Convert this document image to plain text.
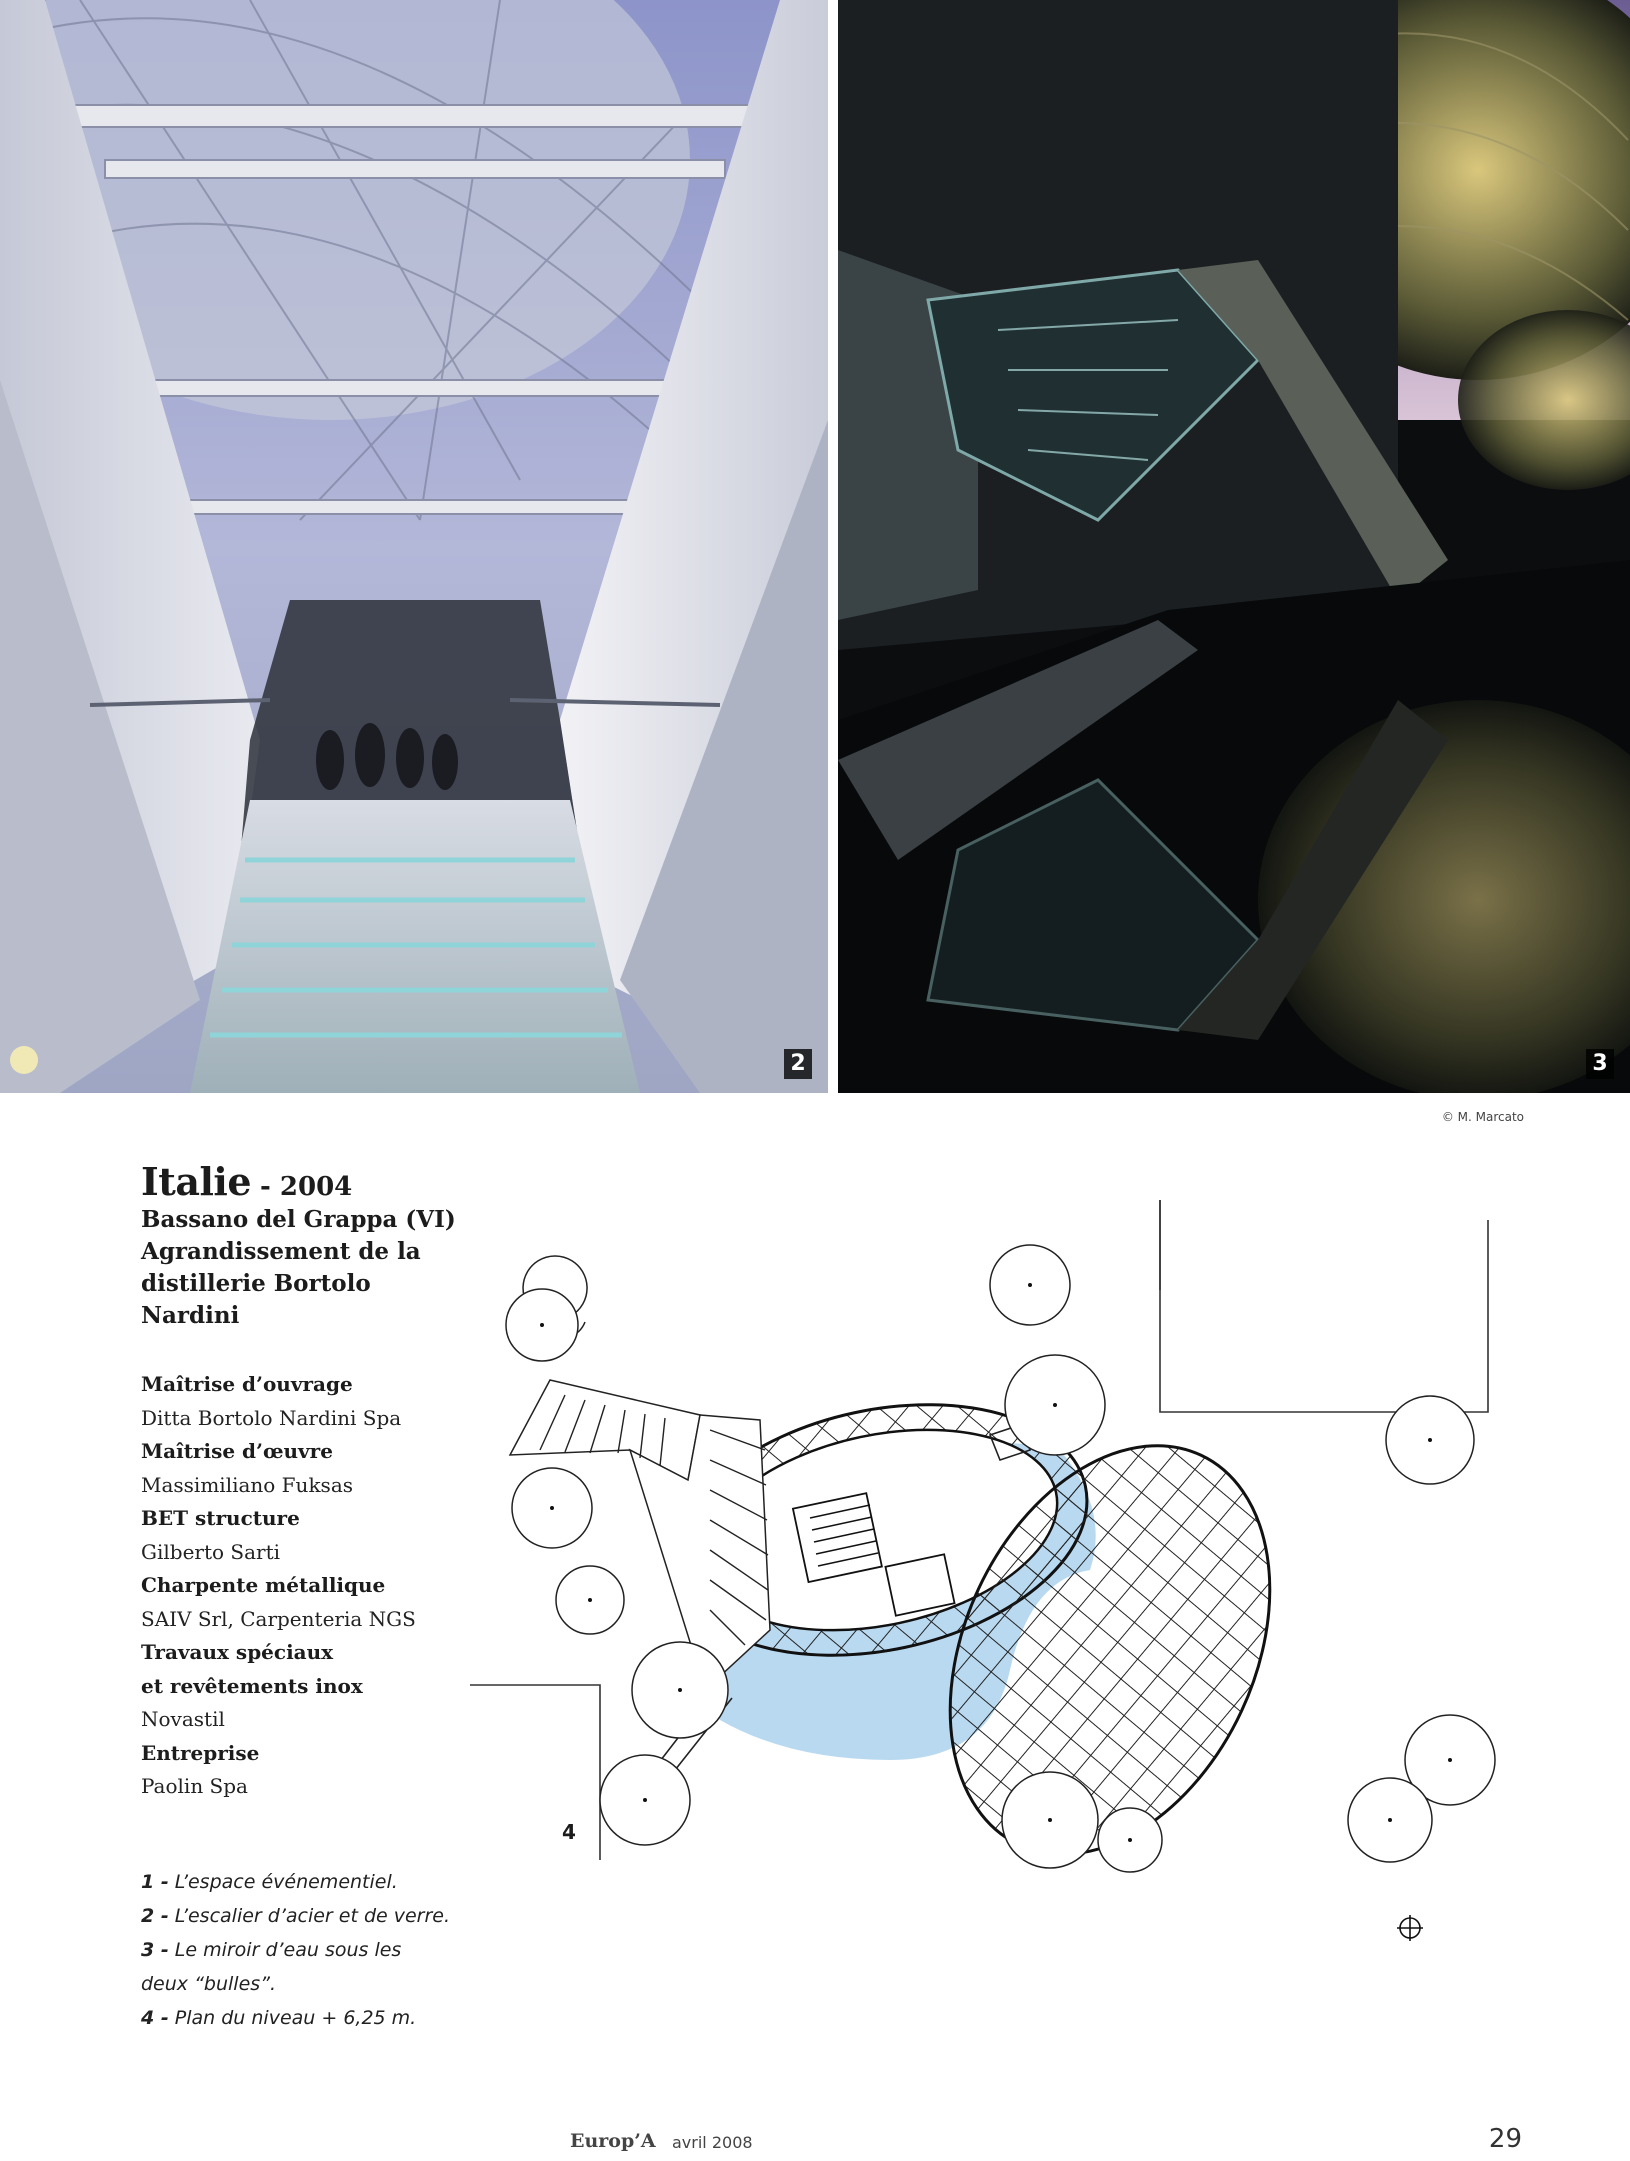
2	3
© M. Marcato
Italie - 2004
Bassano del Grappa (VI)
Agrandissement de la
distillerie Bortolo
Nardini
Maîtrise d’ouvrage
Ditta Bortolo Nardini Spa
Maîtrise d’œuvre
Massimiliano Fuksas
BET structure
Gilberto Sarti
Charpente métallique
SAIV Srl, Carpenteria NGS
Travaux spéciaux
et revêtements inox
Novastil
Entreprise
Paolin Spa
1 - L’espace événementiel.
2 - L’escalier d’acier et de verre.
3 - Le miroir d’eau sous les
deux “bulles”.
4 - Plan du niveau + 6,25 m.
4
Europ’A avril 2008	29
